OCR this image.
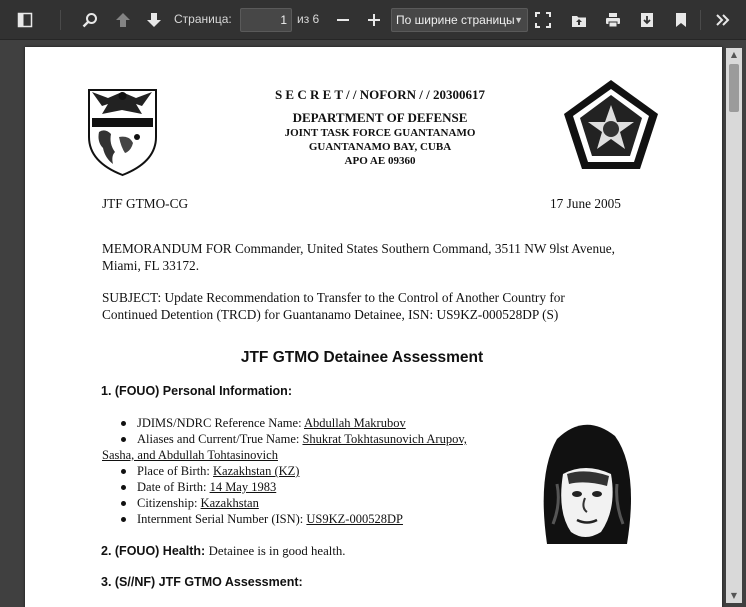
Страница:	1 из 6	По ширине страницы ▼
S E C R E T / / NOFORN / / 20300617
DEPARTMENT OF DEFENSE
JOINT TASK FORCE GUANTANAMO
GUANTANAMO BAY, CUBA
APO AE 09360
JTF GTMO-CG	17 June 2005
MEMORANDUM FOR Commander, United States Southern Command, 3511 NW 9lst Avenue,
Miami, FL 33172.
SUBJECT: Update Recommendation to Transfer to the Control of Another Country for
Continued Detention (TRCD) for Guantanamo Detainee, ISN: US9KZ-000528DP (S)
JTF GTMO Detainee Assessment
1. (FOUO) Personal Information:
JDIMS/NDRC Reference Name: Abdullah Makrubov
Aliases and Current/True Name: Shukrat Tokhtasunovich Arupov,
Sasha, and Abdullah Tohtasinovich
Place of Birth: Kazakhstan (KZ)
Date of Birth: 14 May 1983
Citizenship: Kazakhstan
Internment Serial Number (ISN): US9KZ-000528DP
2. (FOUO) Health: Detainee is in good health.
3. (S//NF) JTF GTMO Assessment:
▲
▼
